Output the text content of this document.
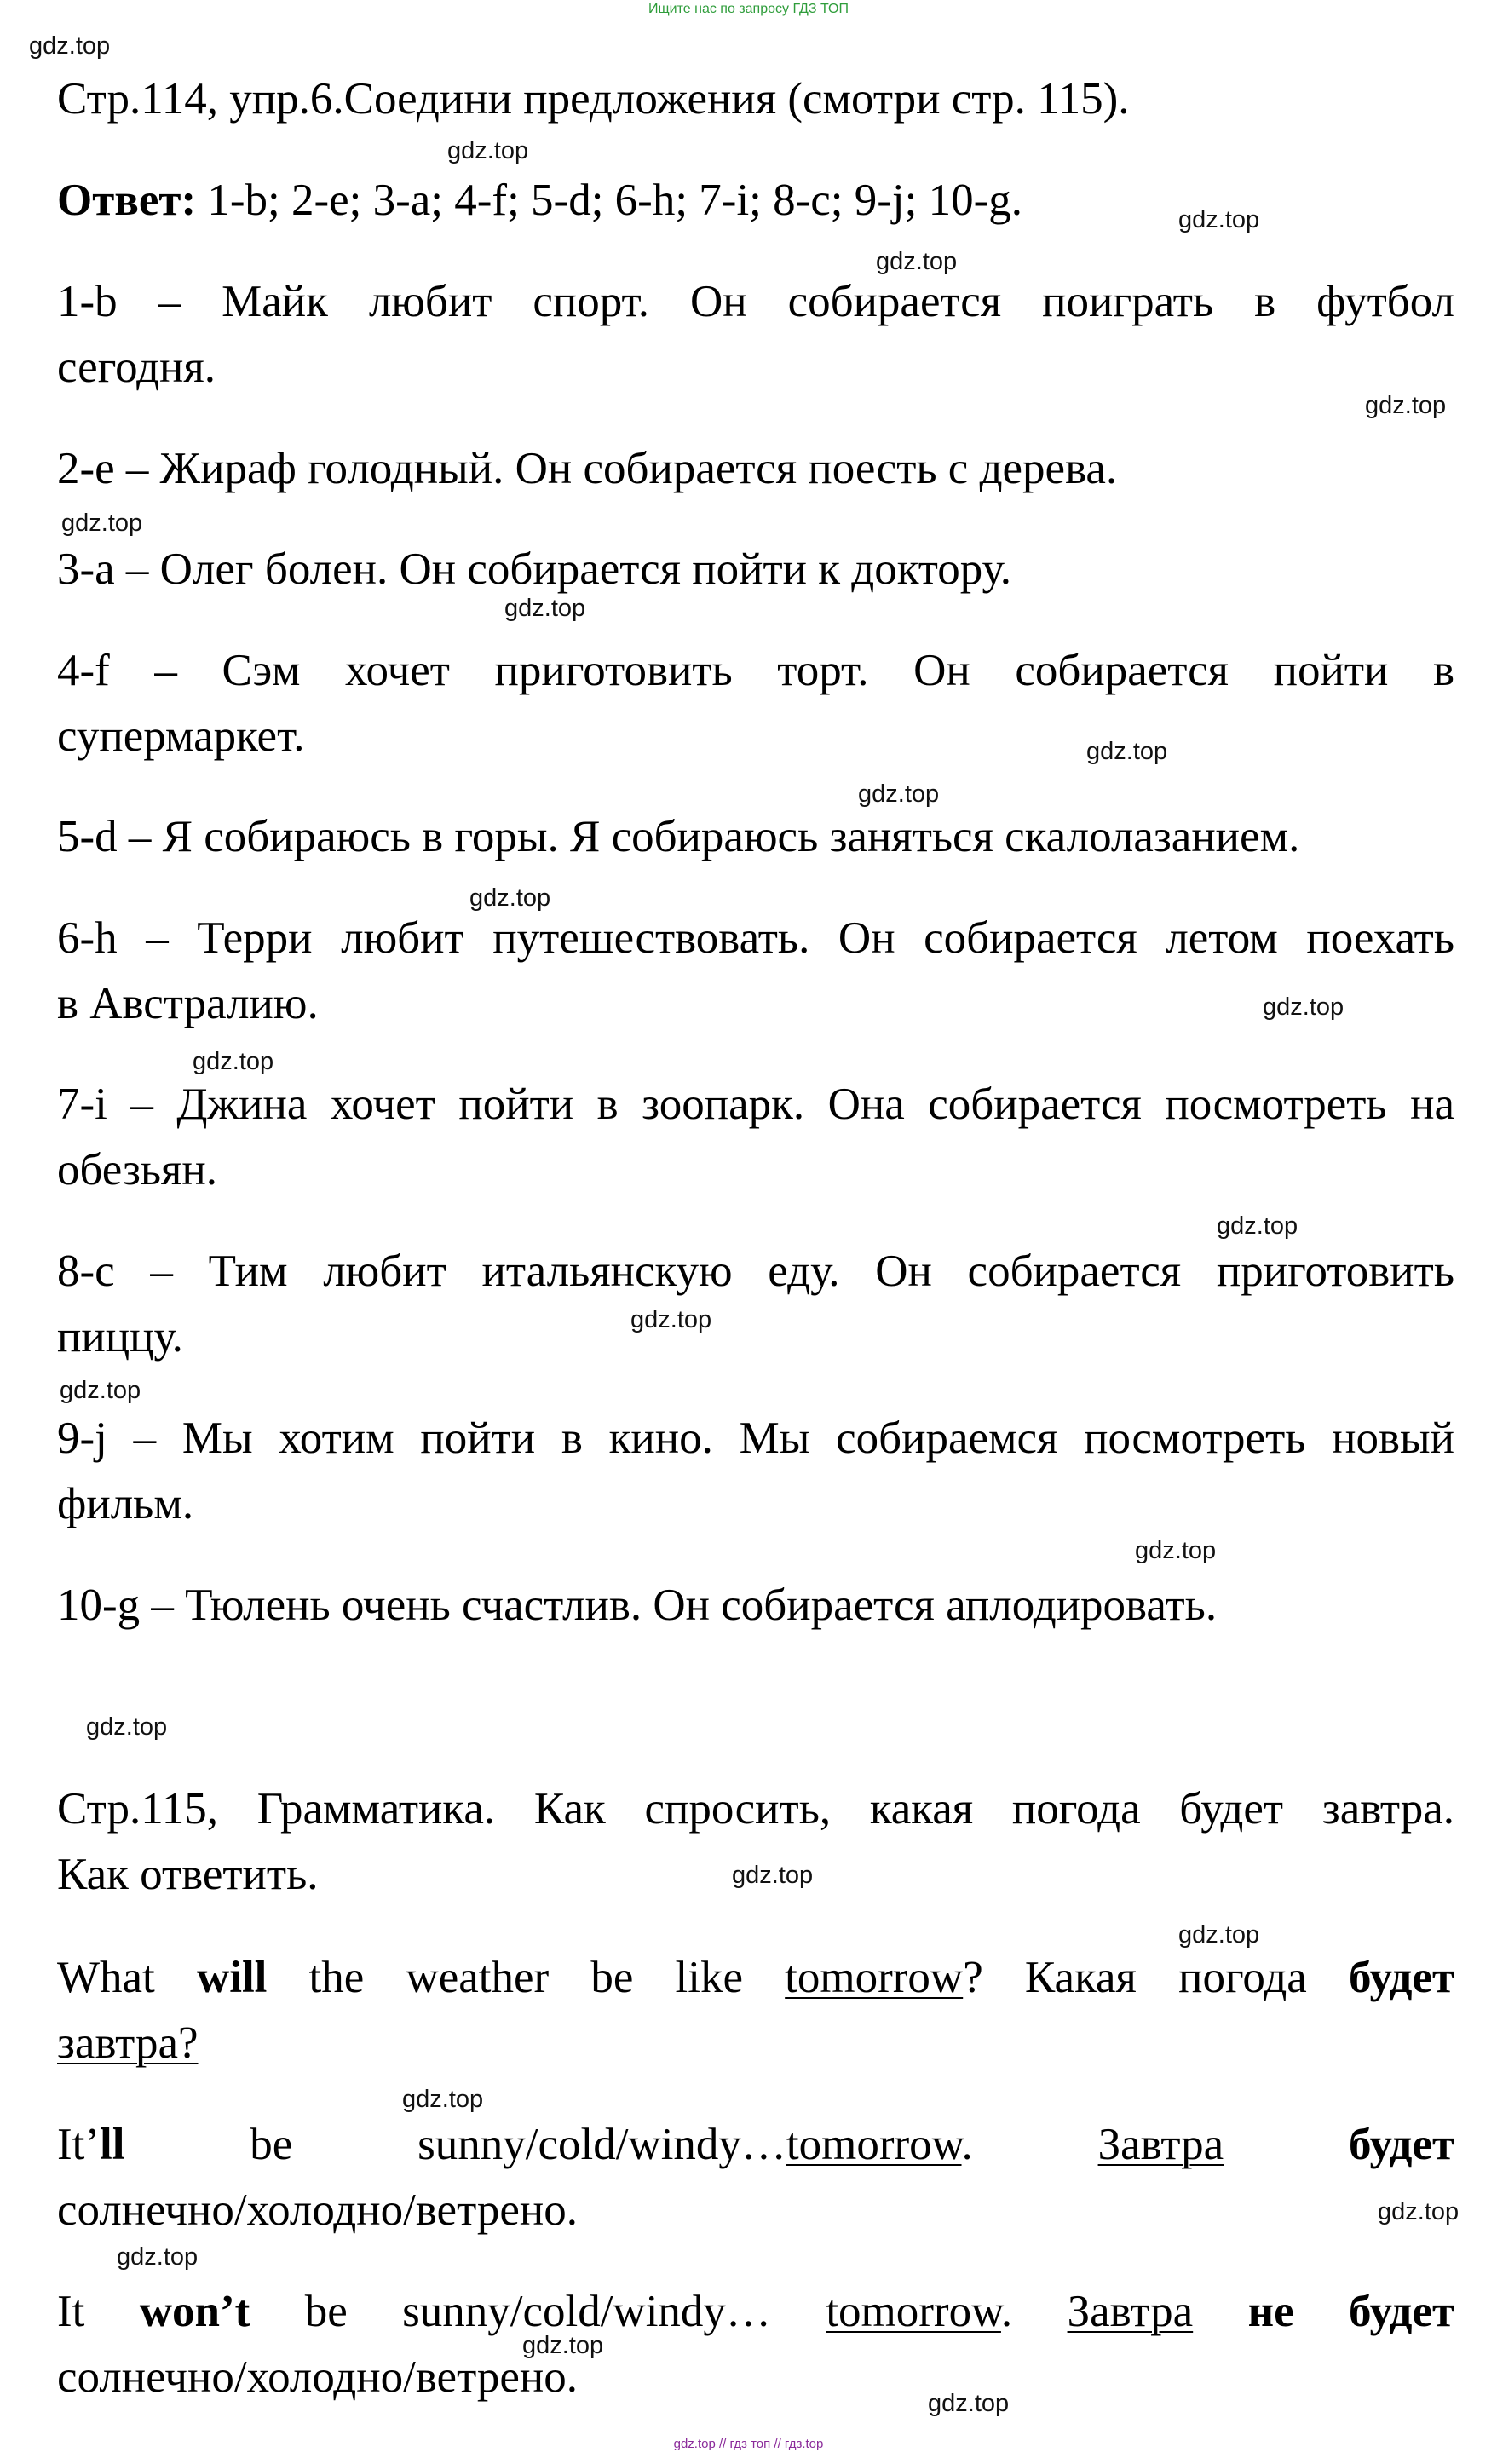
Ищите нас по запросу ГДЗ ТОП
gdz.top
gdz.top
gdz.top
gdz.top
gdz.top
gdz.top
gdz.top
gdz.top
gdz.top
gdz.top
gdz.top
gdz.top
gdz.top
gdz.top
gdz.top
gdz.top
gdz.top
gdz.top
gdz.top
gdz.top
gdz.top
gdz.top
gdz.top
gdz.top
Стр.114, упр.6.Соедини предложения (смотри стр. 115).
Ответ: 1-b; 2-e; 3-a; 4-f; 5-d; 6-h; 7-i; 8-c; 9-j; 10-g.
1-b – Майк любит спорт. Он собирается поиграть в футбол
сегодня.
2-e – Жираф голодный. Он собирается поесть с дерева.
3-a – Олег болен. Он собирается пойти к доктору.
4-f – Сэм хочет приготовить торт. Он собирается пойти в
супермаркет.
5-d – Я собираюсь в горы. Я собираюсь заняться скалолазанием.
6-h – Терри любит путешествовать. Он собирается летом поехать
в Австралию.
7-i – Джина хочет пойти в зоопарк. Она собирается посмотреть на
обезьян.
8-c – Тим любит итальянскую еду. Он собирается приготовить
пиццу.
9-j – Мы хотим пойти в кино. Мы собираемся посмотреть новый
фильм.
10-g – Тюлень очень счастлив. Он собирается аплодировать.
Стр.115, Грамматика. Как спросить, какая погода будет завтра.
Как ответить.
What will the weather be like tomorrow? Какая погода будет
завтра?
It’ll be sunny/cold/windy…tomorrow. Завтра	будет
солнечно/холодно/ветрено.
It won’t be sunny/cold/windy… tomorrow. Завтра не будет
солнечно/холодно/ветрено.
gdz.top // гдз топ // гдз.top
